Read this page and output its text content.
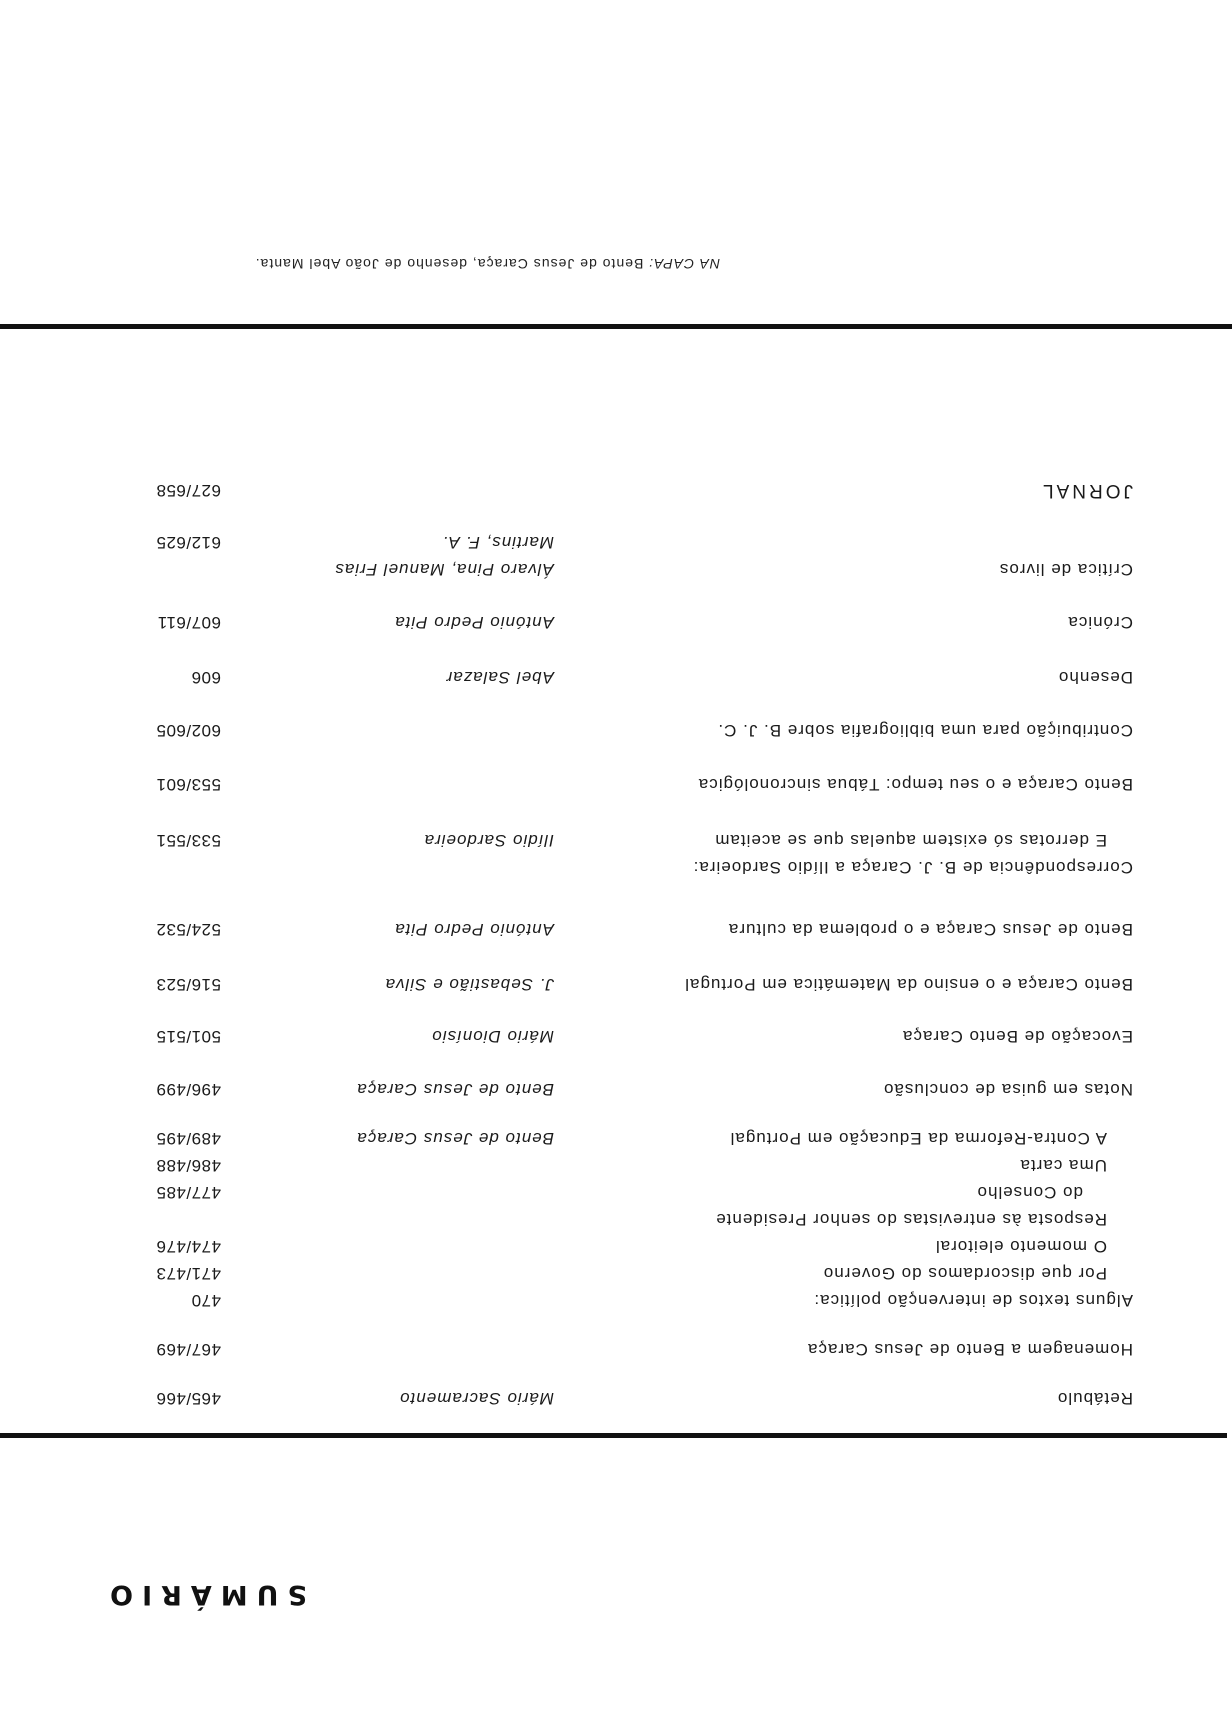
SUMÁRIO
Retábulo
Mário Sacramento
465/466
Homenagem a Bento de Jesus Caraça
467/469
Alguns textos de intervenção política:
470
Por que discordamos do Governo
471/473
O momento eleitoral
474/476
Resposta às entrevistas do senhor Presidente
do Conselho
477/485
Uma carta
486/488
A Contra-Reforma da Educação em Portugal
Bento de Jesus Caraça
489/495
Notas em guisa de conclusão
Bento de Jesus Caraça
496/499
Evocação de Bento Caraça
Mário Dionísio
501/515
Bento Caraça e o ensino da Matemática em Portugal
J. Sebastião e Silva
516/523
Bento de Jesus Caraça e o problema da cultura
António Pedro Pita
524/532
Correspondência de B. J. Caraça a Ilídio Sardoeira:
E derrotas só existem aquelas que se aceitam
Ilídio Sardoeira
533/551
Bento Caraça e o seu tempo: Tábua sincronológica
553/601
Contribuição para uma bibliografia sobre B. J. C.
602/605
Desenho
Abel Salazar
606
Crónica
António Pedro Pita
607/611
Crítica de livros
Álvaro Pina, Manuel Frias
Martins, F. A.
612/625
JORNAL
627/658

NA CAPA: Bento de Jesus Caraça, desenho de João Abel Manta.
